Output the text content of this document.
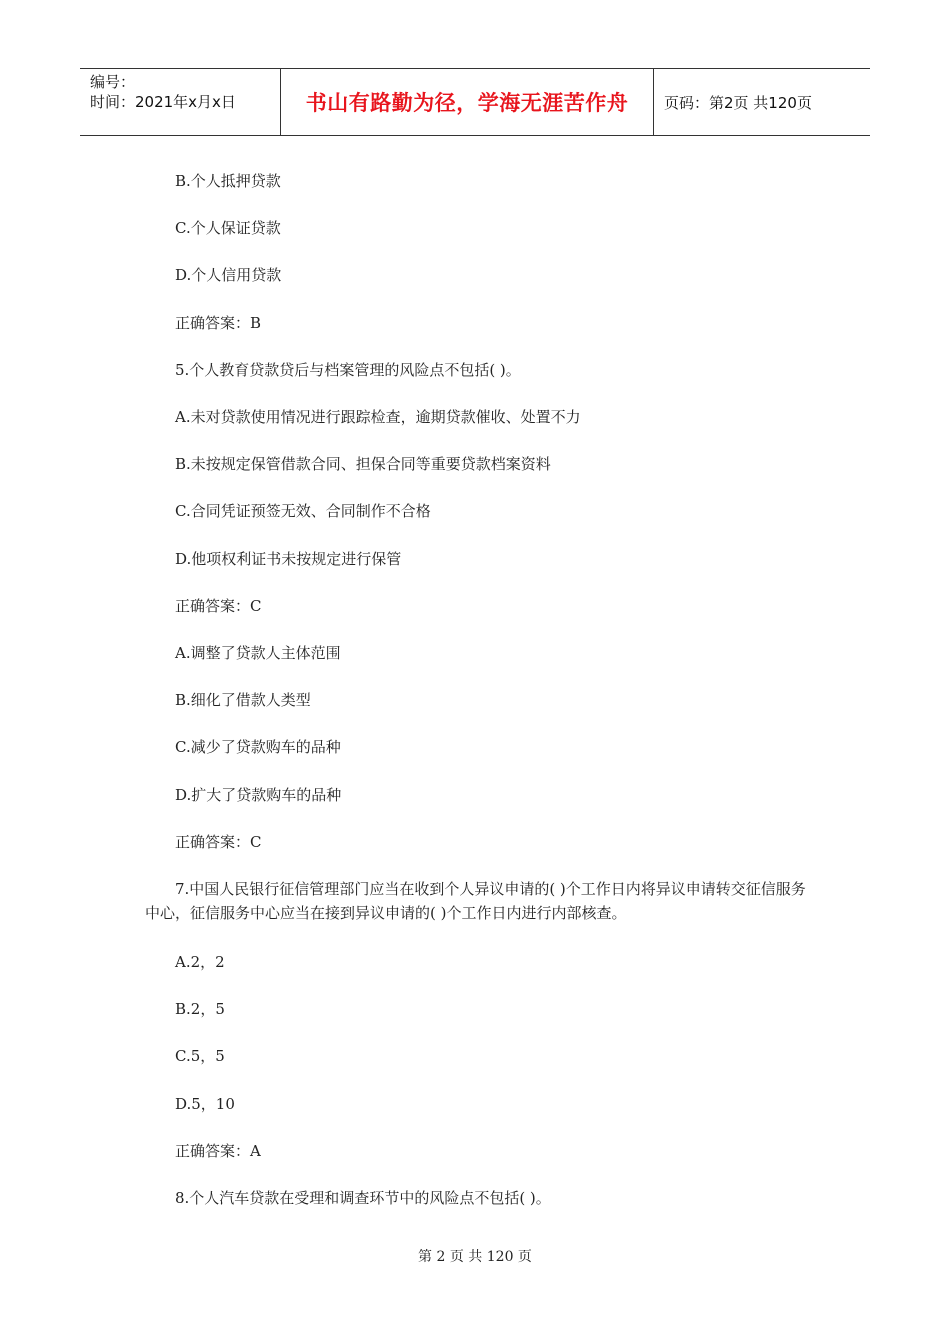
编号：
时间：2021年x月x日	书山有路勤为径，学海无涯苦作舟	页码：第2页 共120页
B.个人抵押贷款
C.个人保证贷款
D.个人信用贷款
正确答案：B
5.个人教育贷款贷后与档案管理的风险点不包括( )。
A.未对贷款使用情况进行跟踪检查，逾期贷款催收、处置不力
B.未按规定保管借款合同、担保合同等重要贷款档案资料
C.合同凭证预签无效、合同制作不合格
D.他项权利证书未按规定进行保管
正确答案：C
A.调整了贷款人主体范围
B.细化了借款人类型
C.减少了贷款购车的品种
D.扩大了贷款购车的品种
正确答案：C
7.中国人民银行征信管理部门应当在收到个人异议申请的( )个工作日内将异议申请转交征信服务中心，征信服务中心应当在接到异议申请的( )个工作日内进行内部核查。
A.2，2
B.2，5
C.5，5
D.5，10
正确答案：A
8.个人汽车贷款在受理和调查环节中的风险点不包括( )。
第 2 页 共 120 页
